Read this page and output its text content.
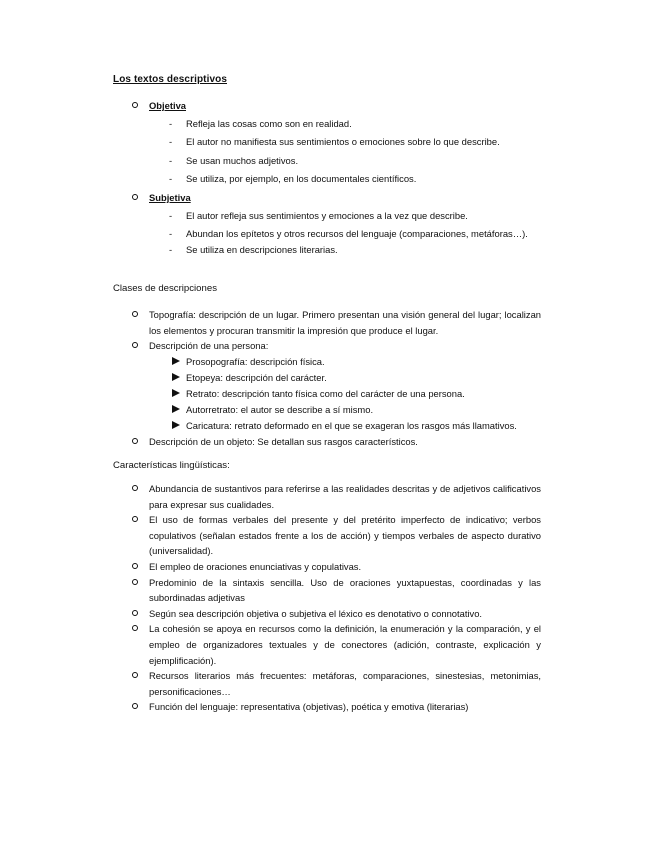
Los textos descriptivos
Objetiva
- Refleja las cosas como son en realidad.
- El autor no manifiesta sus sentimientos o emociones sobre lo que describe.
- Se usan muchos adjetivos.
- Se utiliza, por ejemplo, en los documentales científicos.
Subjetiva
- El autor refleja sus sentimientos y emociones a la vez que describe.
- Abundan los epítetos y otros recursos del lenguaje (comparaciones, metáforas…).
- Se utiliza en descripciones literarias.
Clases de descripciones
Topografía: descripción de un lugar. Primero presentan una visión general del lugar; localizan los elementos y procuran transmitir la impresión que produce el lugar.
Descripción de una persona:
Prosopografía: descripción física.
Etopeya: descripción del carácter.
Retrato: descripción tanto física como del carácter de una persona.
Autorretrato: el autor se describe a sí mismo.
Caricatura: retrato deformado en el que se exageran los rasgos más llamativos.
Descripción de un objeto: Se detallan sus rasgos característicos.
Características lingüísticas:
Abundancia de sustantivos para referirse a las realidades descritas y de adjetivos calificativos para expresar sus cualidades.
El uso de formas verbales del presente y del pretérito imperfecto de indicativo; verbos copulativos (señalan estados frente a los de acción) y tiempos verbales de aspecto durativo (universalidad).
El empleo de oraciones enunciativas y copulativas.
Predominio de la sintaxis sencilla. Uso de oraciones yuxtapuestas, coordinadas y las subordinadas adjetivas
Según sea descripción objetiva o subjetiva el léxico es denotativo o connotativo.
La cohesión se apoya en recursos como la definición, la enumeración y la comparación, y el empleo de organizadores textuales y de conectores (adición, contraste, explicación y ejemplificación).
Recursos literarios más frecuentes: metáforas, comparaciones, sinestesias, metonimias, personificaciones…
Función del lenguaje: representativa (objetivas), poética y emotiva (literarias)
